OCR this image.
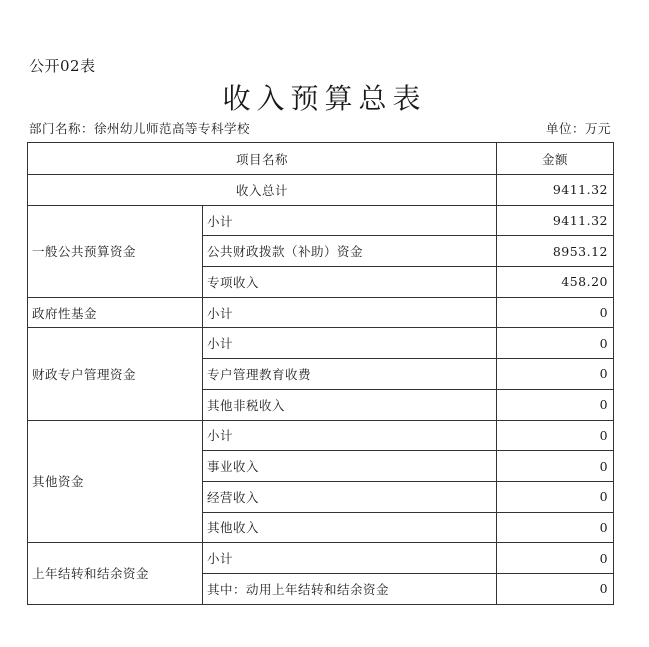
公开02表
收入预算总表
部门名称：徐州幼儿师范高等专科学校	单位：万元
项目名称		金额
收入总计		9411.32
一般公共预算资金	小计	9411.32
	公共财政拨款（补助）资金	8953.12
	专项收入	458.20
政府性基金	小计	0
财政专户管理资金	小计	0
	专户管理教育收费	0
	其他非税收入	0
其他资金	小计	0
	事业收入	0
	经营收入	0
	其他收入	0
上年结转和结余资金	小计	0
	其中：动用上年结转和结余资金	0
